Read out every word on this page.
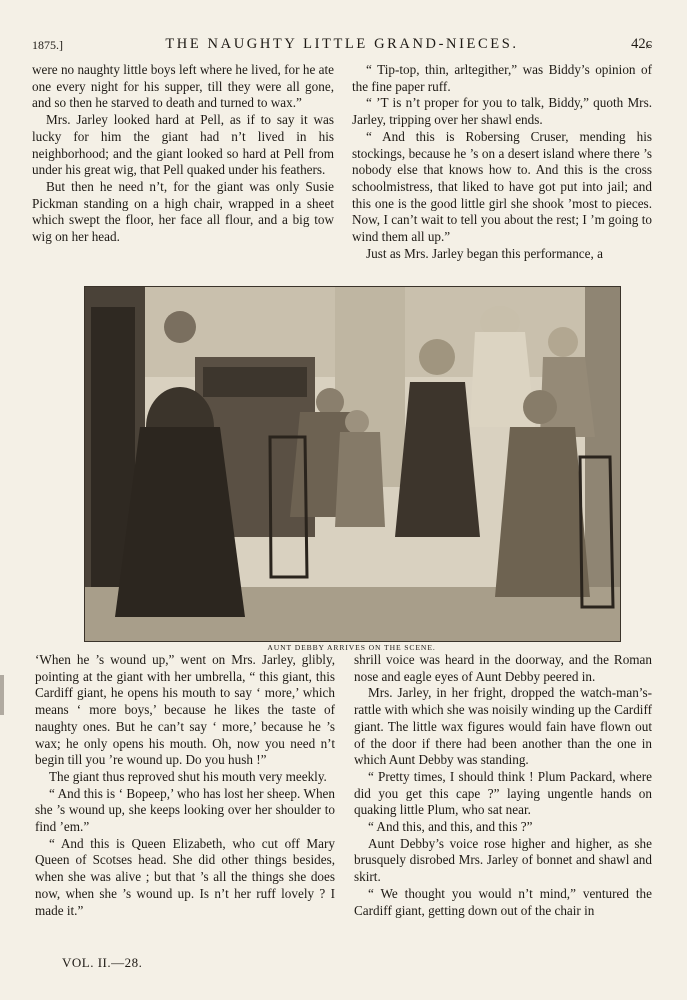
1875.]	THE NAUGHTY LITTLE GRAND-NIECES.	42ɕ

were no naughty little boys left where he lived, for he ate one every night for his supper, till they were all gone, and so then he starved to death and turned to wax.”

Mrs. Jarley looked hard at Pell, as if to say it was lucky for him the giant had n’t lived in his neighborhood; and the giant looked so hard at Pell from under his great wig, that Pell quaked under his feathers.

But then he need n’t, for the giant was only Susie Pickman standing on a high chair, wrapped in a sheet which swept the floor, her face all flour, and a big tow wig on her head.

“ Tip-top, thin, arltegither,” was Biddy’s opinion of the fine paper ruff.

“ ’T is n’t proper for you to talk, Biddy,” quoth Mrs. Jarley, tripping over her shawl ends.

“ And this is Robersing Cruser, mending his stockings, because he ’s on a desert island where there ’s nobody else that knows how to. And this is the cross schoolmistress, that liked to have got put into jail; and this one is the good little girl she shook ’most to pieces. Now, I can’t wait to tell you about the rest; I ’m going to wind them all up.”

Just as Mrs. Jarley began this performance, a

AUNT DEBBY ARRIVES ON THE SCENE.

‘When he ’s wound up,” went on Mrs. Jarley, glibly, pointing at the giant with her umbrella, “ this giant, this Cardiff giant, he opens his mouth to say ‘ more,’ which means ‘ more boys,’ because he likes the taste of naughty ones. But he can’t say ‘ more,’ because he ’s wax; he only opens his mouth. Oh, now you need n’t begin till you ’re wound up. Do you hush !”

The giant thus reproved shut his mouth very meekly.

“ And this is ‘ Bopeep,’ who has lost her sheep. When she ’s wound up, she keeps looking over her shoulder to find ’em.”

“ And this is Queen Elizabeth, who cut off Mary Queen of Scotses head. She did other things besides, when she was alive ; but that ’s all the things she does now, when she ’s wound up. Is n’t her ruff lovely ? I made it.”

shrill voice was heard in the doorway, and the Roman nose and eagle eyes of Aunt Debby peered in.

Mrs. Jarley, in her fright, dropped the watch-man’s-rattle with which she was noisily winding up the Cardiff giant. The little wax figures would fain have flown out of the door if there had been another than the one in which Aunt Debby was standing.

“ Pretty times, I should think ! Plum Packard, where did you get this cape ?” laying ungentle hands on quaking little Plum, who sat near.

“ And this, and this, and this ?”

Aunt Debby’s voice rose higher and higher, as she brusquely disrobed Mrs. Jarley of bonnet and shawl and skirt.

“ We thought you would n’t mind,” ventured the Cardiff giant, getting down out of the chair in

VOL. II.—28.
